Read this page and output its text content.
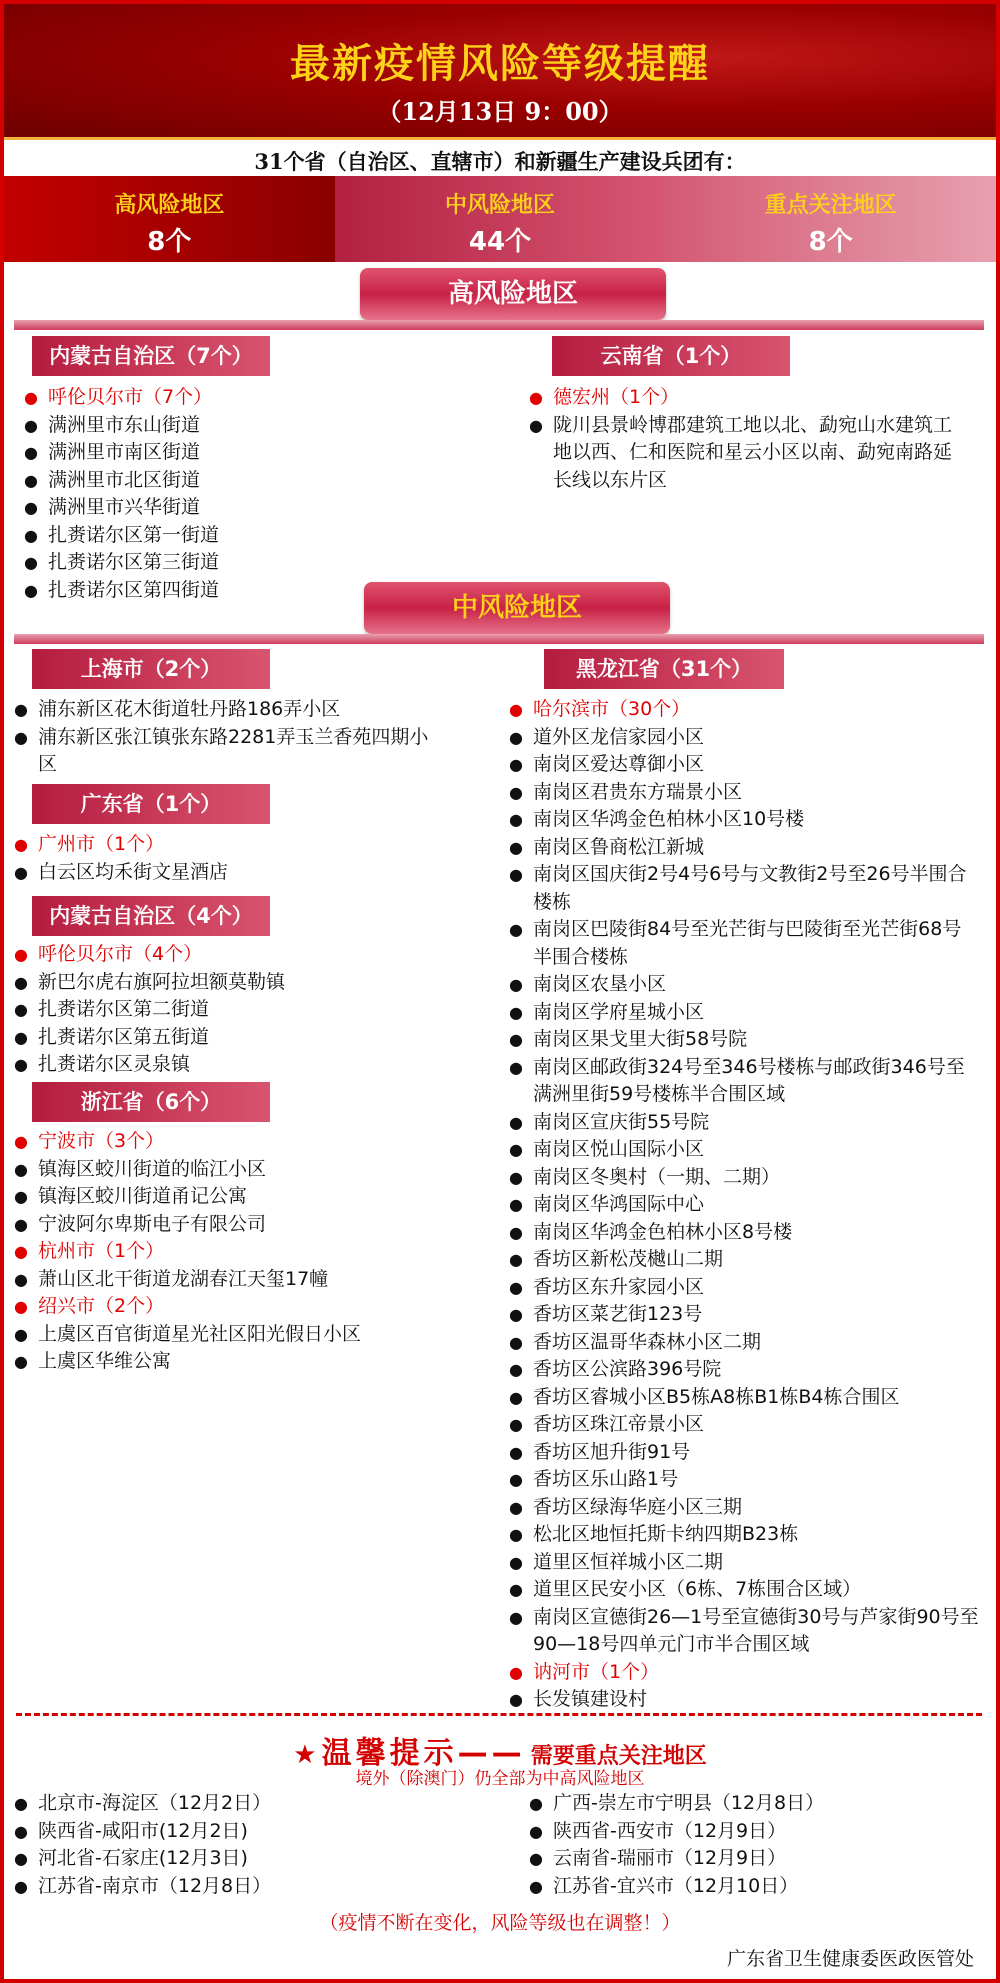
最新疫情风险等级提醒
（12月13日 9：00）
31个省（自治区、直辖市）和新疆生产建设兵团有：
高风险地区
8个
中风险地区
44个
重点关注地区
8个
高风险地区
内蒙古自治区（7个）
● 呼伦贝尔市（7个）
● 满洲里市东山街道
● 满洲里市南区街道
● 满洲里市北区街道
● 满洲里市兴华街道
● 扎赉诺尔区第一街道
● 扎赉诺尔区第三街道
● 扎赉诺尔区第四街道
云南省（1个）
● 德宏州（1个）
● 陇川县景岭博郡建筑工地以北、勐宛山水建筑工地以西、仁和医院和星云小区以南、勐宛南路延长线以东片区
中风险地区
上海市（2个）
● 浦东新区花木街道牡丹路186弄小区
● 浦东新区张江镇张东路2281弄玉兰香苑四期小区
广东省（1个）
● 广州市（1个）
● 白云区均禾街文星酒店
内蒙古自治区（4个）
● 呼伦贝尔市（4个）
● 新巴尔虎右旗阿拉坦额莫勒镇
● 扎赉诺尔区第二街道
● 扎赉诺尔区第五街道
● 扎赉诺尔区灵泉镇
浙江省（6个）
● 宁波市（3个）
● 镇海区蛟川街道的临江小区
● 镇海区蛟川街道甬记公寓
● 宁波阿尔卑斯电子有限公司
● 杭州市（1个）
● 萧山区北干街道龙湖春江天玺17幢
● 绍兴市（2个）
● 上虞区百官街道星光社区阳光假日小区
● 上虞区华维公寓
黑龙江省（31个）
● 哈尔滨市（30个）
● 道外区龙信家园小区
● 南岗区爱达尊御小区
● 南岗区君贵东方瑞景小区
● 南岗区华鸿金色柏林小区10号楼
● 南岗区鲁商松江新城
● 南岗区国庆街2号4号6号与文教街2号至26号半围合楼栋
● 南岗区巴陵街84号至光芒街与巴陵街至光芒街68号半围合楼栋
● 南岗区农垦小区
● 南岗区学府星城小区
● 南岗区果戈里大街58号院
● 南岗区邮政街324号至346号楼栋与邮政街346号至满洲里街59号楼栋半合围区域
● 南岗区宣庆街55号院
● 南岗区悦山国际小区
● 南岗区冬奥村（一期、二期）
● 南岗区华鸿国际中心
● 南岗区华鸿金色柏林小区8号楼
● 香坊区新松茂樾山二期
● 香坊区东升家园小区
● 香坊区菜艺街123号
● 香坊区温哥华森林小区二期
● 香坊区公滨路396号院
● 香坊区睿城小区B5栋A8栋B1栋B4栋合围区
● 香坊区珠江帝景小区
● 香坊区旭升街91号
● 香坊区乐山路1号
● 香坊区绿海华庭小区三期
● 松北区地恒托斯卡纳四期B23栋
● 道里区恒祥城小区二期
● 道里区民安小区（6栋、7栋围合区域）
● 南岗区宣德街26—1号至宣德街30号与芦家街90号至90—18号四单元门市半合围区域
● 讷河市（1个）
● 长发镇建设村
★ 温馨提示—— 需要重点关注地区
境外（除澳门）仍全部为中高风险地区
● 北京市-海淀区（12月2日）
● 陕西省-咸阳市(12月2日)
● 河北省-石家庄(12月3日)
● 江苏省-南京市（12月8日）
● 广西-崇左市宁明县（12月8日）
● 陕西省-西安市（12月9日）
● 云南省-瑞丽市（12月9日）
● 江苏省-宜兴市（12月10日）
（疫情不断在变化，风险等级也在调整！）
广东省卫生健康委医政医管处
